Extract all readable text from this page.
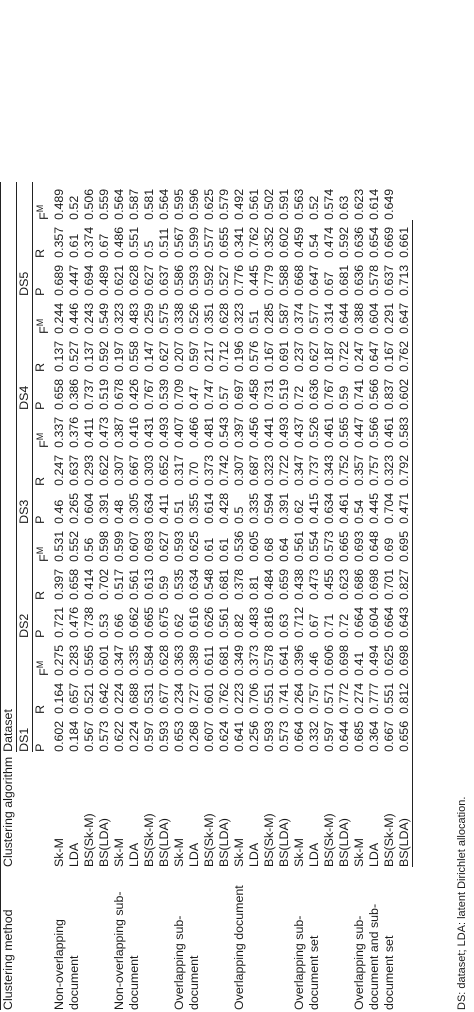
Clustering method	Clustering algorithm	Dataset														
		DS1			DS2			DS3			DS4			DS5		
		P	R	$F^M$	P	R	$F^M$	P	R	$F^M$	P	R	$F^M$	P	R	$F^M$
Non-overlapping document	Sk-M	0.602	0.164	0.275	0.721	0.397	0.531	0.46	0.247	0.337	0.658	0.137	0.244	0.689	0.357	0.489
	LDA	0.184	0.657	0.283	0.476	0.658	0.552	0.265	0.637	0.376	0.386	0.527	0.446	0.447	0.61	0.52
	BS(Sk-M)	0.567	0.521	0.565	0.738	0.414	0.56	0.604	0.293	0.411	0.737	0.137	0.243	0.694	0.374	0.506
	BS(LDA)	0.573	0.642	0.601	0.53	0.702	0.598	0.391	0.622	0.473	0.519	0.592	0.549	0.489	0.67	0.559
Non-overlapping sub-document	Sk-M	0.622	0.224	0.347	0.66	0.517	0.599	0.48	0.307	0.387	0.678	0.197	0.323	0.621	0.486	0.564
	LDA	0.224	0.688	0.335	0.662	0.561	0.607	0.305	0.667	0.416	0.426	0.558	0.483	0.628	0.551	0.587
	BS(Sk-M)	0.597	0.531	0.584	0.665	0.613	0.693	0.634	0.303	0.431	0.767	0.147	0.259	0.627	0.5	0.581
	BS(LDA)	0.593	0.677	0.628	0.675	0.59	0.627	0.411	0.652	0.493	0.539	0.627	0.575	0.637	0.511	0.564
Overlapping sub-document	Sk-M	0.653	0.234	0.363	0.62	0.535	0.593	0.51	0.317	0.407	0.709	0.207	0.338	0.586	0.567	0.595
	LDA	0.268	0.727	0.389	0.616	0.634	0.625	0.355	0.70	0.466	0.47	0.597	0.526	0.593	0.599	0.596
	BS(Sk-M)	0.607	0.601	0.611	0.626	0.548	0.61	0.614	0.373	0.481	0.747	0.217	0.351	0.592	0.577	0.625
	BS(LDA)	0.624	0.762	0.681	0.561	0.681	0.61	0.428	0.742	0.543	0.57	0.712	0.628	0.527	0.655	0.579
Overlapping document	Sk-M	0.641	0.223	0.349	0.82	0.378	0.536	0.5	0.307	0.397	0.697	0.196	0.323	0.776	0.341	0.492
	LDA	0.256	0.706	0.373	0.483	0.81	0.605	0.335	0.687	0.456	0.458	0.576	0.51	0.445	0.762	0.561
	BS(Sk-M)	0.593	0.551	0.578	0.816	0.484	0.68	0.594	0.323	0.441	0.731	0.167	0.285	0.779	0.352	0.502
	BS(LDA)	0.573	0.741	0.641	0.63	0.659	0.64	0.391	0.722	0.493	0.519	0.691	0.587	0.588	0.602	0.591
Overlapping sub-document set	Sk-M	0.664	0.264	0.396	0.712	0.438	0.561	0.62	0.347	0.437	0.72	0.237	0.374	0.668	0.459	0.563
	LDA	0.332	0.757	0.46	0.67	0.473	0.554	0.415	0.737	0.526	0.636	0.627	0.577	0.647	0.54	0.52
	BS(Sk-M)	0.597	0.571	0.606	0.71	0.455	0.573	0.634	0.343	0.461	0.767	0.187	0.314	0.67	0.474	0.574
	BS(LDA)	0.644	0.772	0.698	0.72	0.623	0.665	0.461	0.752	0.565	0.59	0.722	0.644	0.681	0.592	0.63
Overlapping sub-document and sub-document set	Sk-M	0.685	0.274	0.41	0.664	0.686	0.693	0.54	0.357	0.447	0.741	0.247	0.388	0.636	0.636	0.623
	LDA	0.364	0.777	0.494	0.604	0.698	0.648	0.445	0.757	0.566	0.566	0.647	0.604	0.578	0.654	0.614
	BS(Sk-M)	0.667	0.551	0.625	0.664	0.701	0.69	0.704	0.323	0.461	0.837	0.167	0.291	0.637	0.669	0.649
	BS(LDA)	0.656	0.812	0.698	0.643	0.827	0.695	0.471	0.792	0.583	0.602	0.762	0.647	0.713	0.661	
DS: dataset; LDA: latent Dirichlet allocation.
